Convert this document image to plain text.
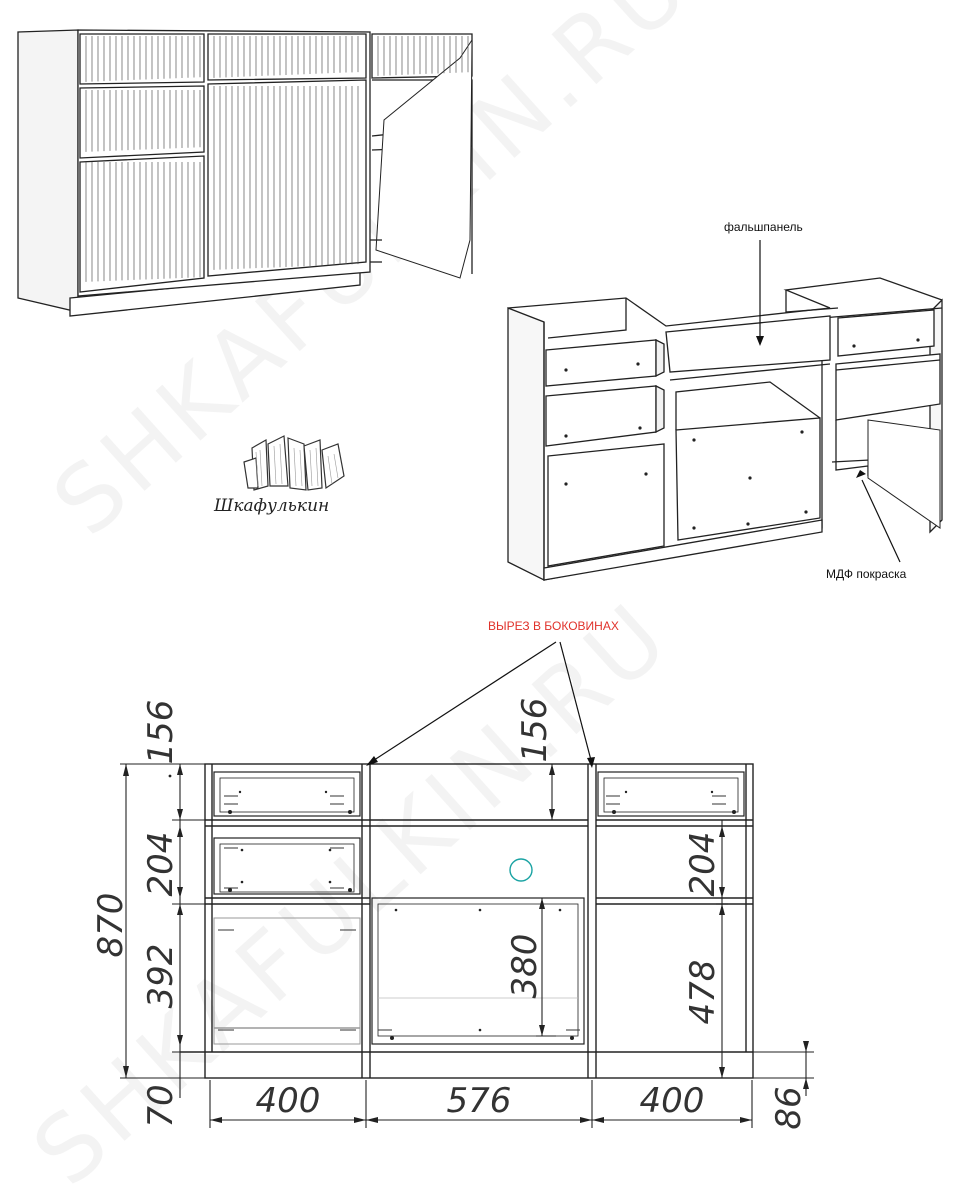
Шкафулькин
фальшпанель
МДФ покраска
ВЫРЕЗ В БОКОВИНАХ
870
156
204
392
70
156
380
204
478
86
400	576	400
